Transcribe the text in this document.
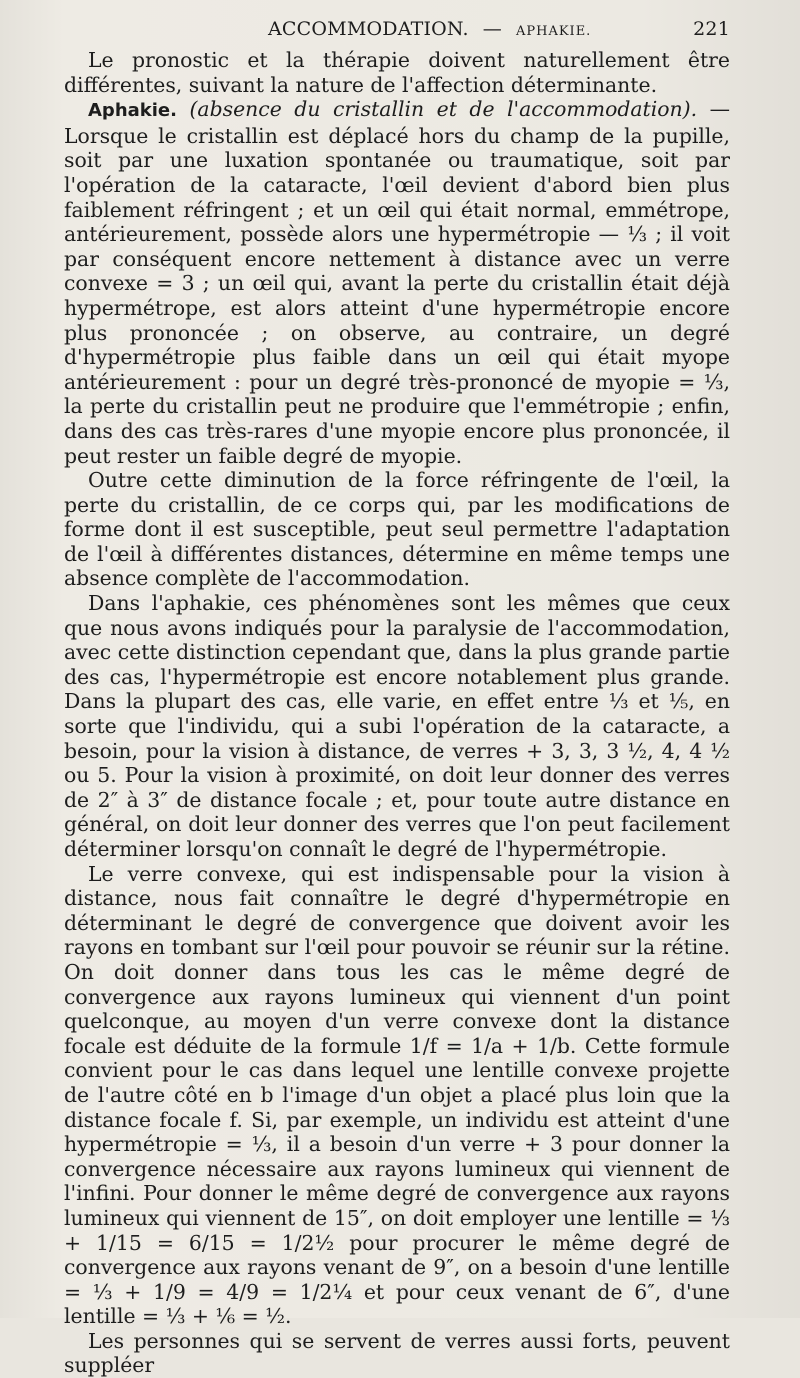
ACCOMMODATION. — APHAKIE.	221

Le pronostic et la thérapie doivent naturellement être différentes, suivant la nature de l'affection déterminante.

Aphakie. (absence du cristallin et de l'accommodation). — Lorsque le cristallin est déplacé hors du champ de la pupille, soit par une luxation spontanée ou traumatique, soit par l'opération de la cataracte, l'œil devient d'abord bien plus faiblement réfringent ; et un œil qui était normal, emmétrope, antérieurement, possède alors une hypermétropie — ⅓ ; il voit par conséquent encore nettement à distance avec un verre convexe = 3 ; un œil qui, avant la perte du cristallin était déjà hypermétrope, est alors atteint d'une hypermétropie encore plus prononcée ; on observe, au contraire, un degré d'hypermétropie plus faible dans un œil qui était myope antérieurement : pour un degré très-prononcé de myopie = ⅓, la perte du cristallin peut ne produire que l'emmétropie ; enfin, dans des cas très-rares d'une myopie encore plus prononcée, il peut rester un faible degré de myopie.

Outre cette diminution de la force réfringente de l'œil, la perte du cristallin, de ce corps qui, par les modifications de forme dont il est susceptible, peut seul permettre l'adaptation de l'œil à différentes distances, détermine en même temps une absence complète de l'accommodation.

Dans l'aphakie, ces phénomènes sont les mêmes que ceux que nous avons indiqués pour la paralysie de l'accommodation, avec cette distinction cependant que, dans la plus grande partie des cas, l'hypermétropie est encore notablement plus grande. Dans la plupart des cas, elle varie, en effet entre ⅓ et ⅕, en sorte que l'individu, qui a subi l'opération de la cataracte, a besoin, pour la vision à distance, de verres + 3, 3, 3 ½, 4, 4 ½ ou 5. Pour la vision à proximité, on doit leur donner des verres de 2″ à 3″ de distance focale ; et, pour toute autre distance en général, on doit leur donner des verres que l'on peut facilement déterminer lorsqu'on connaît le degré de l'hypermétropie.

Le verre convexe, qui est indispensable pour la vision à distance, nous fait connaître le degré d'hypermétropie en déterminant le degré de convergence que doivent avoir les rayons en tombant sur l'œil pour pouvoir se réunir sur la rétine. On doit donner dans tous les cas le même degré de convergence aux rayons lumineux qui viennent d'un point quelconque, au moyen d'un verre convexe dont la distance focale est déduite de la formule 1/f = 1/a + 1/b. Cette formule convient pour le cas dans lequel une lentille convexe projette de l'autre côté en b l'image d'un objet a placé plus loin que la distance focale f. Si, par exemple, un individu est atteint d'une hypermétropie = ⅓, il a besoin d'un verre + 3 pour donner la convergence nécessaire aux rayons lumineux qui viennent de l'infini. Pour donner le même degré de convergence aux rayons lumineux qui viennent de 15″, on doit employer une lentille = ⅓ + 1/15 = 6/15 = 1/2½ pour procurer le même degré de convergence aux rayons venant de 9″, on a besoin d'une lentille = ⅓ + 1/9 = 4/9 = 1/2¼ et pour ceux venant de 6″, d'une lentille = ⅓ + ⅙ = ½.

Les personnes qui se servent de verres aussi forts, peuvent suppléer
